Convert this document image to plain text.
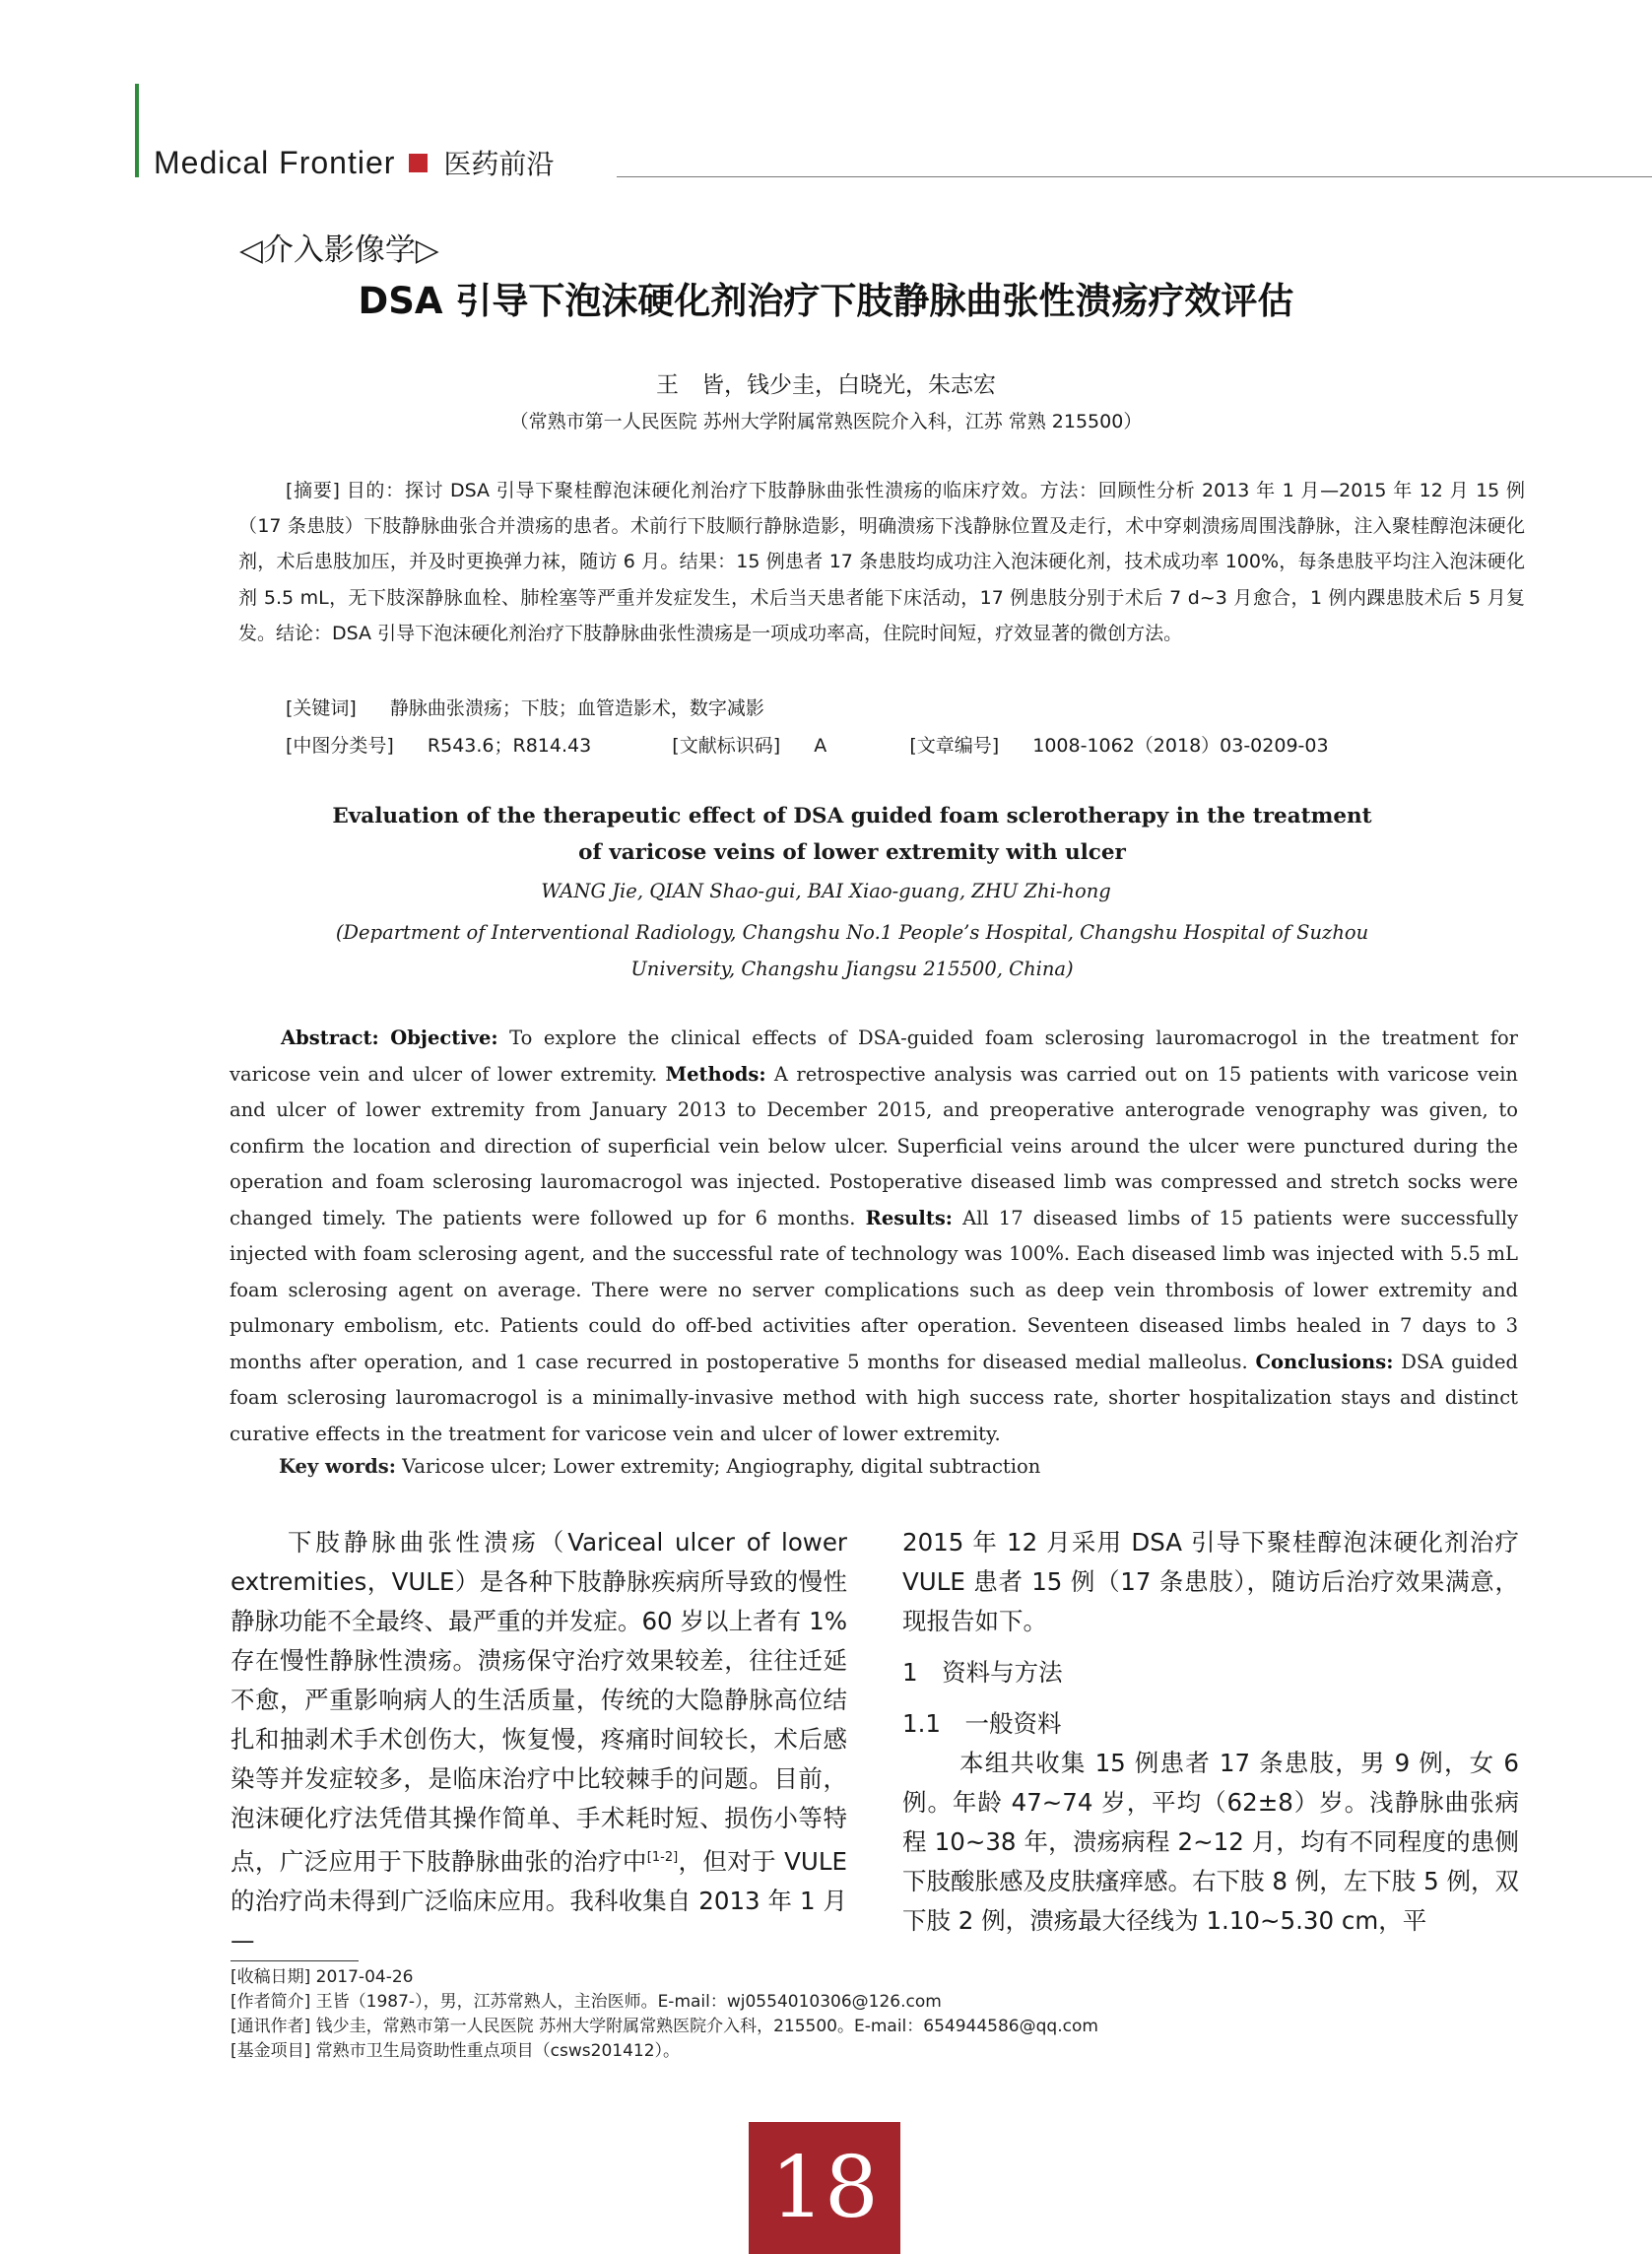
Medical Frontier 医药前沿
◁介入影像学▷
DSA 引导下泡沫硬化剂治疗下肢静脉曲张性溃疡疗效评估
王　皆，钱少圭，白晓光，朱志宏
（常熟市第一人民医院 苏州大学附属常熟医院介入科，江苏 常熟 215500）
[摘要] 目的：探讨 DSA 引导下聚桂醇泡沫硬化剂治疗下肢静脉曲张性溃疡的临床疗效。方法：回顾性分析 2013 年 1 月—2015 年 12 月 15 例（17 条患肢）下肢静脉曲张合并溃疡的患者。术前行下肢顺行静脉造影，明确溃疡下浅静脉位置及走行，术中穿刺溃疡周围浅静脉，注入聚桂醇泡沫硬化剂，术后患肢加压，并及时更换弹力袜，随访 6 月。结果：15 例患者 17 条患肢均成功注入泡沫硬化剂，技术成功率 100%，每条患肢平均注入泡沫硬化剂 5.5 mL，无下肢深静脉血栓、肺栓塞等严重并发症发生，术后当天患者能下床活动，17 例患肢分别于术后 7 d~3 月愈合，1 例内踝患肢术后 5 月复发。结论：DSA 引导下泡沫硬化剂治疗下肢静脉曲张性溃疡是一项成功率高，住院时间短，疗效显著的微创方法。
[关键词] 静脉曲张溃疡；下肢；血管造影术，数字减影
[中图分类号] R543.6；R814.43	[文献标识码] A	[文章编号] 1008-1062（2018）03-0209-03
Evaluation of the therapeutic effect of DSA guided foam sclerotherapy in the treatment of varicose veins of lower extremity with ulcer
WANG Jie, QIAN Shao-gui, BAI Xiao-guang, ZHU Zhi-hong
(Department of Interventional Radiology, Changshu No.1 People’s Hospital, Changshu Hospital of Suzhou University, Changshu Jiangsu 215500, China)
Abstract: Objective: To explore the clinical effects of DSA-guided foam sclerosing lauromacrogol in the treatment for varicose vein and ulcer of lower extremity. Methods: A retrospective analysis was carried out on 15 patients with varicose vein and ulcer of lower extremity from January 2013 to December 2015, and preoperative anterograde venography was given, to confirm the location and direction of superficial vein below ulcer. Superficial veins around the ulcer were punctured during the operation and foam sclerosing lauromacrogol was injected. Postoperative diseased limb was compressed and stretch socks were changed timely. The patients were followed up for 6 months. Results: All 17 diseased limbs of 15 patients were successfully injected with foam sclerosing agent, and the successful rate of technology was 100%. Each diseased limb was injected with 5.5 mL foam sclerosing agent on average. There were no server complications such as deep vein thrombosis of lower extremity and pulmonary embolism, etc. Patients could do off-bed activities after operation. Seventeen diseased limbs healed in 7 days to 3 months after operation, and 1 case recurred in postoperative 5 months for diseased medial malleolus. Conclusions: DSA guided foam sclerosing lauromacrogol is a minimally-invasive method with high success rate, shorter hospitalization stays and distinct curative effects in the treatment for varicose vein and ulcer of lower extremity.
Key words: Varicose ulcer; Lower extremity; Angiography, digital subtraction
下肢静脉曲张性溃疡（Variceal ulcer of lower extremities，VULE）是各种下肢静脉疾病所导致的慢性静脉功能不全最终、最严重的并发症。60 岁以上者有 1%存在慢性静脉性溃疡。溃疡保守治疗效果较差，往往迁延不愈，严重影响病人的生活质量，传统的大隐静脉高位结扎和抽剥术手术创伤大，恢复慢，疼痛时间较长，术后感染等并发症较多，是临床治疗中比较棘手的问题。目前，泡沫硬化疗法凭借其操作简单、手术耗时短、损伤小等特点，广泛应用于下肢静脉曲张的治疗中[1-2]，但对于 VULE 的治疗尚未得到广泛临床应用。我科收集自 2013 年 1 月—
2015 年 12 月采用 DSA 引导下聚桂醇泡沫硬化剂治疗 VULE 患者 15 例（17 条患肢），随访后治疗效果满意，现报告如下。
1　资料与方法
1.1　一般资料
本组共收集 15 例患者 17 条患肢，男 9 例，女 6 例。年龄 47~74 岁，平均（62±8）岁。浅静脉曲张病程 10~38 年，溃疡病程 2~12 月，均有不同程度的患侧下肢酸胀感及皮肤瘙痒感。右下肢 8 例，左下肢 5 例，双下肢 2 例，溃疡最大径线为 1.10~5.30 cm，平
[收稿日期] 2017-04-26
[作者简介] 王皆（1987-），男，江苏常熟人，主治医师。E-mail：wj0554010306@126.com
[通讯作者] 钱少圭，常熟市第一人民医院 苏州大学附属常熟医院介入科，215500。E-mail：654944586@qq.com
[基金项目] 常熟市卫生局资助性重点项目（csws201412）。
18
